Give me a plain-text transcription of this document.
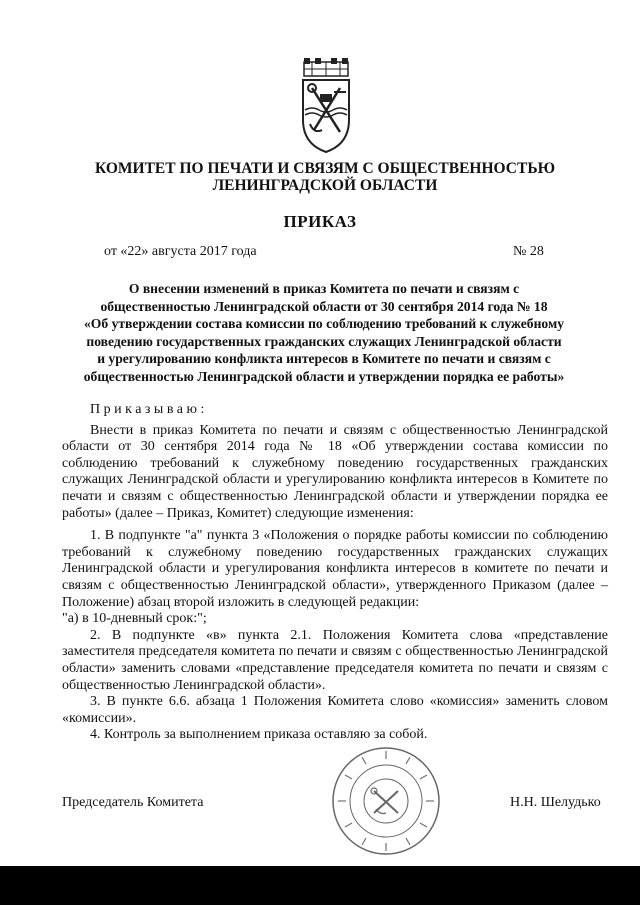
КОМИТЕТ ПО ПЕЧАТИ И СВЯЗЯМ С ОБЩЕСТВЕННОСТЬЮ
ЛЕНИНГРАДСКОЙ ОБЛАСТИ
ПРИКАЗ
от «22» августа 2017 года	№ 28
О внесении изменений в приказ Комитета по печати и связям с
общественностью Ленинградской области от 30 сентября 2014 года № 18
«Об утверждении состава комиссии по соблюдению требований к служебному
поведению государственных гражданских служащих Ленинградской области
и урегулированию конфликта интересов в Комитете по печати и связям с
общественностью Ленинградской области и утверждении порядка ее работы»

Приказываю:

Внести в приказ Комитета по печати и связям с общественностью Ленинградской области от 30 сентября 2014 года № 18 «Об утверждении состава комиссии по соблюдению требований к служебному поведению государственных гражданских служащих Ленинградской области и урегулированию конфликта интересов в Комитете по печати и связям с общественностью Ленинградской области и утверждении порядка ее работы» (далее – Приказ, Комитет) следующие изменения:

1. В подпункте "а" пункта 3 «Положения о порядке работы комиссии по соблюдению требований к служебному поведению государственных гражданских служащих Ленинградской области и урегулирования конфликта интересов в комитете по печати и связям с общественностью Ленинградской области», утвержденного Приказом (далее – Положение) абзац второй изложить в следующей редакции:

"а) в 10-дневный срок:";

2. В подпункте «в» пункта 2.1. Положения Комитета слова «представление заместителя председателя комитета по печати и связям с общественностью Ленинградской области» заменить словами «представление председателя комитета по печати и связям с общественностью Ленинградской области».

3. В пункте 6.6. абзаца 1 Положения Комитета слово «комиссия» заменить словом «комиссии».

4. Контроль за выполнением приказа оставляю за собой.

Председатель Комитета	Н.Н. Шелудько
